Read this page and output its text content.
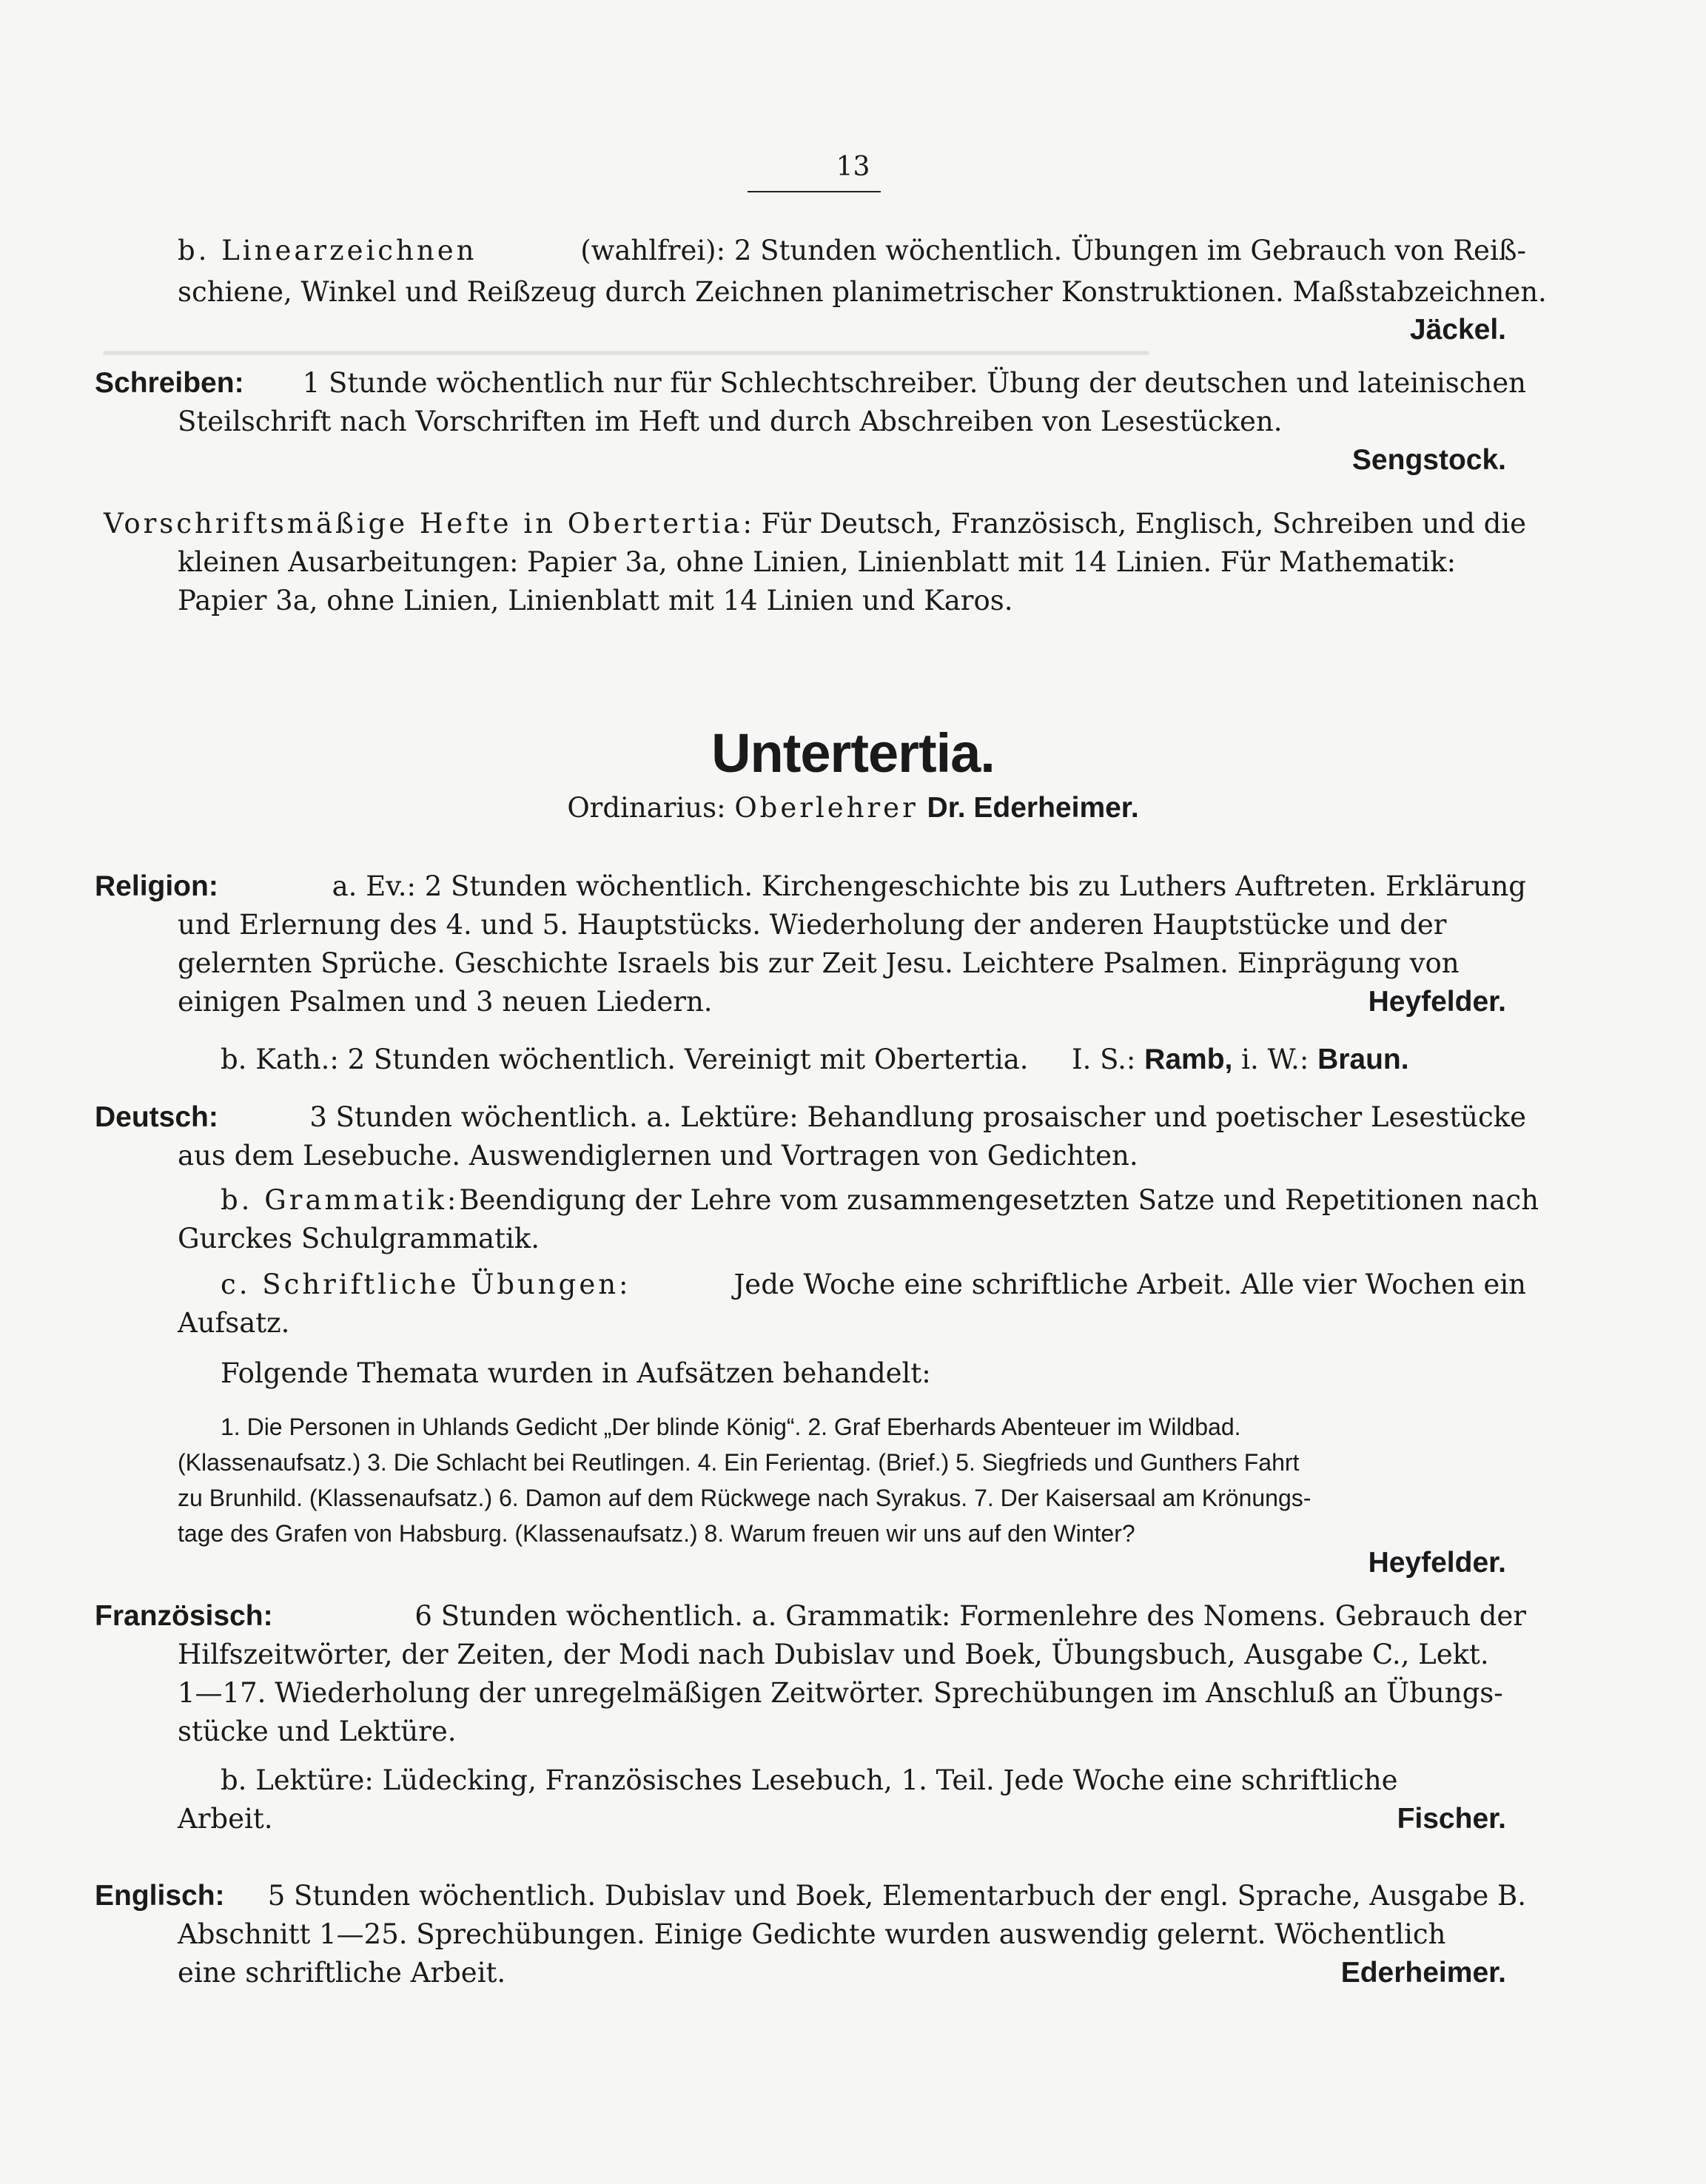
▁▁▁▁▁▁▁▁▁▁▁▁▁▁▁▁▁▁▁▁▁▁▁▁▁▁▁▁▁▁▁▁▁▁▁▁▁▁▁▁▁▁▁▁▁▁▁▁▁▁▁▁▁▁
13
b. Linearzeichnen	(wahlfrei): 2 Stunden wöchentlich. Übungen im Gebrauch von Reiß-
schiene, Winkel und Reißzeug durch Zeichnen planimetrischer Konstruktionen. Maßstabzeichnen.
Jäckel.
Schreiben: 1 Stunde wöchentlich nur für Schlechtschreiber. Übung der deutschen und lateinischen
Steilschrift nach Vorschriften im Heft und durch Abschreiben von Lesestücken.
Sengstock.
Vorschriftsmäßige Hefte in Obertertia: Für Deutsch, Französisch, Englisch, Schreiben und die
kleinen Ausarbeitungen: Papier 3a, ohne Linien, Linienblatt mit 14 Linien. Für Mathematik:
Papier 3a, ohne Linien, Linienblatt mit 14 Linien und Karos.
Untertertia.
Ordinarius: Oberlehrer Dr. Ederheimer.
Religion:	a. Ev.: 2 Stunden wöchentlich. Kirchengeschichte bis zu Luthers Auftreten. Erklärung
und Erlernung des 4. und 5. Hauptstücks. Wiederholung der anderen Hauptstücke und der
gelernten Sprüche. Geschichte Israels bis zur Zeit Jesu. Leichtere Psalmen. Einprägung von
einigen Psalmen und 3 neuen Liedern.	Heyfelder.
b. Kath.: 2 Stunden wöchentlich. Vereinigt mit Obertertia. I. S.: Ramb, i. W.: Braun.
Deutsch:	3 Stunden wöchentlich. a. Lektüre: Behandlung prosaischer und poetischer Lesestücke
aus dem Lesebuche. Auswendiglernen und Vortragen von Gedichten.
b. Grammatik: Beendigung der Lehre vom zusammengesetzten Satze und Repetitionen nach
Gurckes Schulgrammatik.
c. Schriftliche Übungen:	Jede Woche eine schriftliche Arbeit. Alle vier Wochen ein
Aufsatz.
Folgende Themata wurden in Aufsätzen behandelt:
1. Die Personen in Uhlands Gedicht „Der blinde König“. 2. Graf Eberhards Abenteuer im Wildbad.
(Klassenaufsatz.) 3. Die Schlacht bei Reutlingen. 4. Ein Ferientag. (Brief.) 5. Siegfrieds und Gunthers Fahrt
zu Brunhild. (Klassenaufsatz.) 6. Damon auf dem Rückwege nach Syrakus. 7. Der Kaisersaal am Krönungs-
tage des Grafen von Habsburg. (Klassenaufsatz.) 8. Warum freuen wir uns auf den Winter?
Heyfelder.
Französisch:	6 Stunden wöchentlich. a. Grammatik: Formenlehre des Nomens. Gebrauch der
Hilfszeitwörter, der Zeiten, der Modi nach Dubislav und Boek, Übungsbuch, Ausgabe C., Lekt.
1—17. Wiederholung der unregelmäßigen Zeitwörter. Sprechübungen im Anschluß an Übungs-
stücke und Lektüre.
b. Lektüre: Lüdecking, Französisches Lesebuch, 1. Teil. Jede Woche eine schriftliche
Arbeit.	Fischer.
Englisch: 5 Stunden wöchentlich. Dubislav und Boek, Elementarbuch der engl. Sprache, Ausgabe B.
Abschnitt 1—25. Sprechübungen. Einige Gedichte wurden auswendig gelernt. Wöchentlich
eine schriftliche Arbeit.	Ederheimer.
